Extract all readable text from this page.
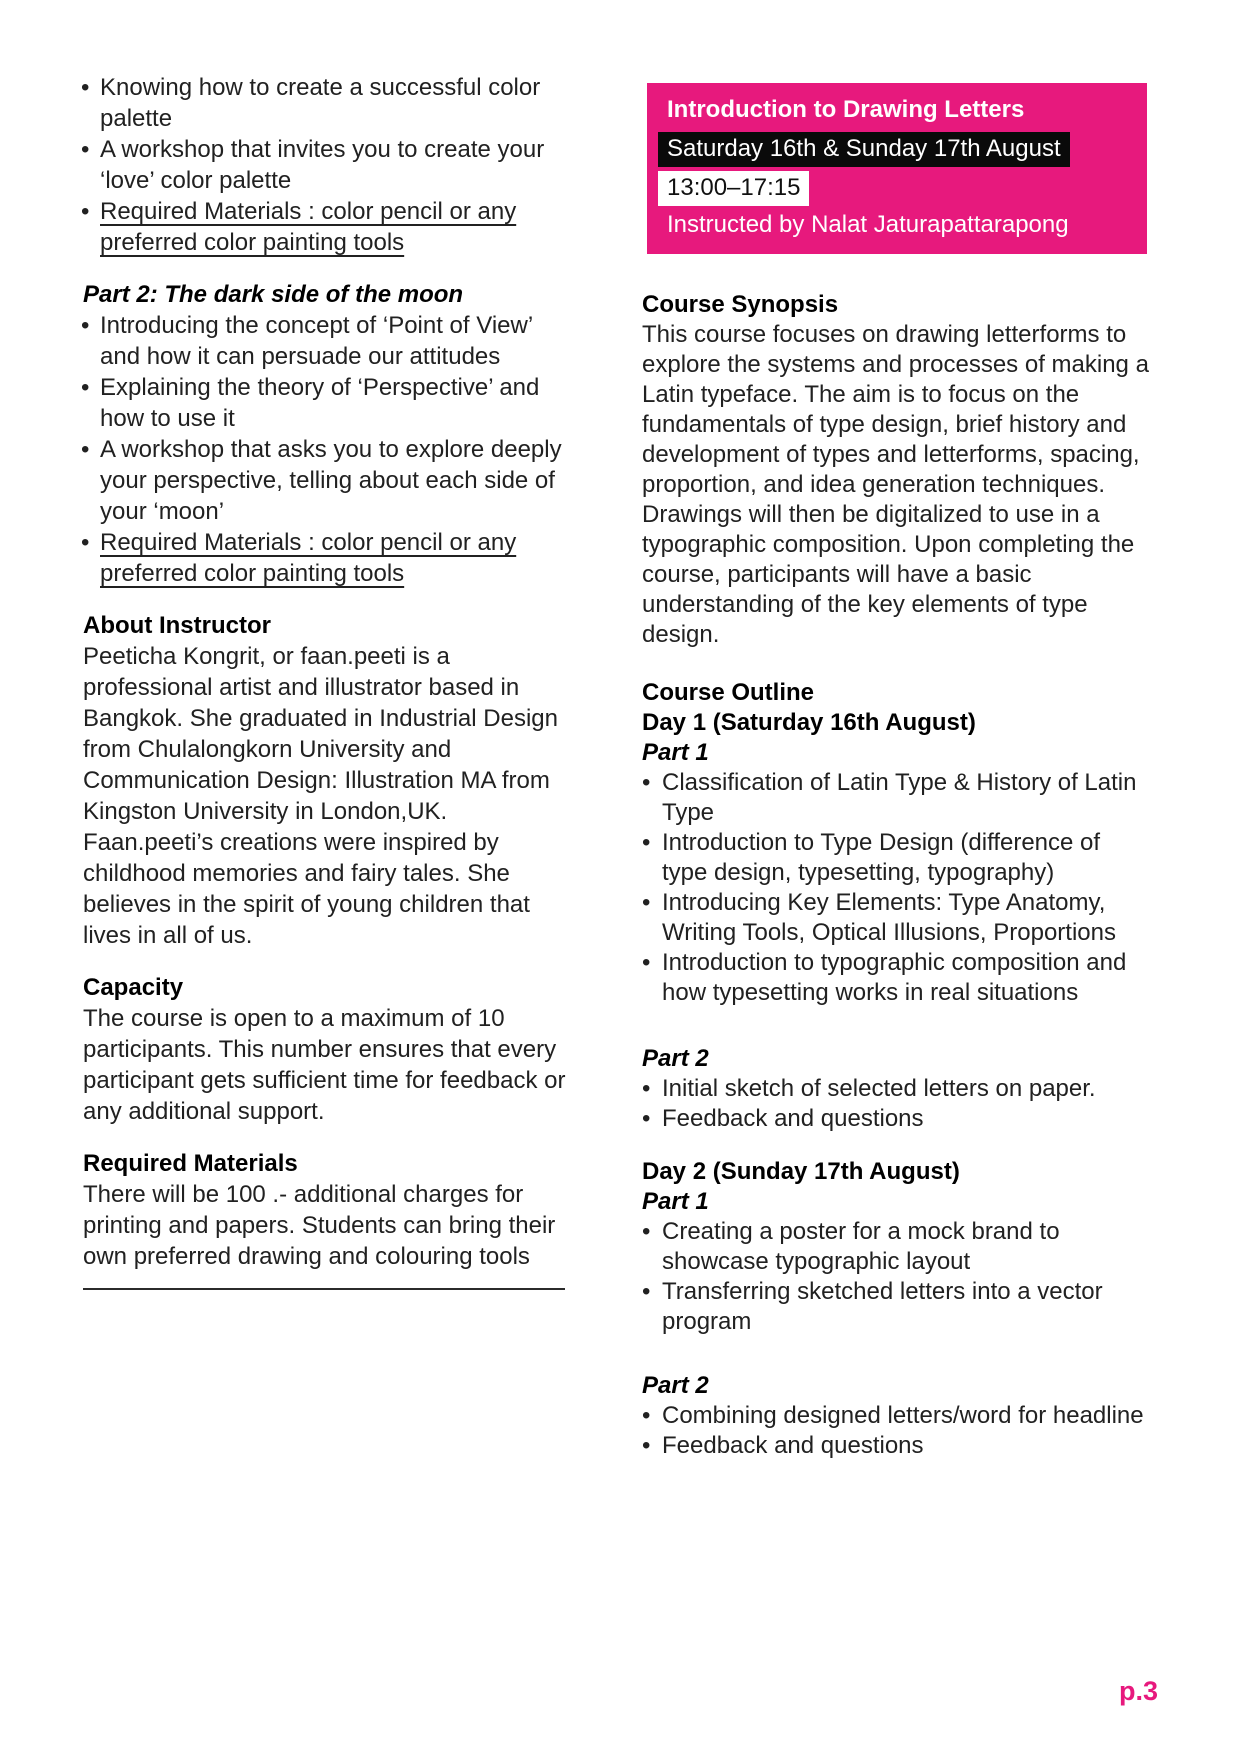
• Knowing how to create a successful color palette
• A workshop that invites you to create your ‘love’ color palette
• Required Materials : color pencil or any preferred color painting tools
Part 2: The dark side of the moon
• Introducing the concept of ‘Point of View’ and how it can persuade our attitudes
• Explaining the theory of ‘Perspective’ and how to use it
• A workshop that asks you to explore deeply your perspective, telling about each side of your ‘moon’
• Required Materials : color pencil or any preferred color painting tools
About Instructor

Peeticha Kongrit, or faan.peeti is a professional artist and illustrator based in Bangkok. She graduated in Industrial Design from Chulalongkorn University and Communication Design: Illustration MA from Kingston University in London,UK. Faan.peeti’s creations were inspired by childhood memories and fairy tales. She believes in the spirit of young children that lives in all of us.

Capacity

The course is open to a maximum of 10 participants. This number ensures that every participant gets sufficient time for feedback or any additional support.

Required Materials

There will be 100 .- additional charges for printing and papers. Students can bring their own preferred drawing and colouring tools

Introduction to Drawing Letters
Saturday 16th & Sunday 17th August
13:00–17:15
Instructed by Nalat Jaturapattarapong
Course Synopsis

This course focuses on drawing letterforms to explore the systems and processes of making a Latin typeface. The aim is to focus on the fundamentals of type design, brief history and development of types and letterforms, spacing, proportion, and idea generation techniques. Drawings will then be digitalized to use in a typographic composition. Upon completing the course, participants will have a basic understanding of the key elements of type design.

Course Outline
Day 1 (Saturday 16th August)
Part 1
• Classification of Latin Type & History of Latin Type
• Introduction to Type Design (difference of type design, typesetting, typography)
• Introducing Key Elements: Type Anatomy, Writing Tools, Optical Illusions, Proportions
• Introduction to typographic composition and how typesetting works in real situations
Part 2
• Initial sketch of selected letters on paper.
• Feedback and questions
Day 2 (Sunday 17th August)
Part 1
• Creating a poster for a mock brand to showcase typographic layout
• Transferring sketched letters into a vector program
Part 2
• Combining designed letters/word for headline
• Feedback and questions
p.3
